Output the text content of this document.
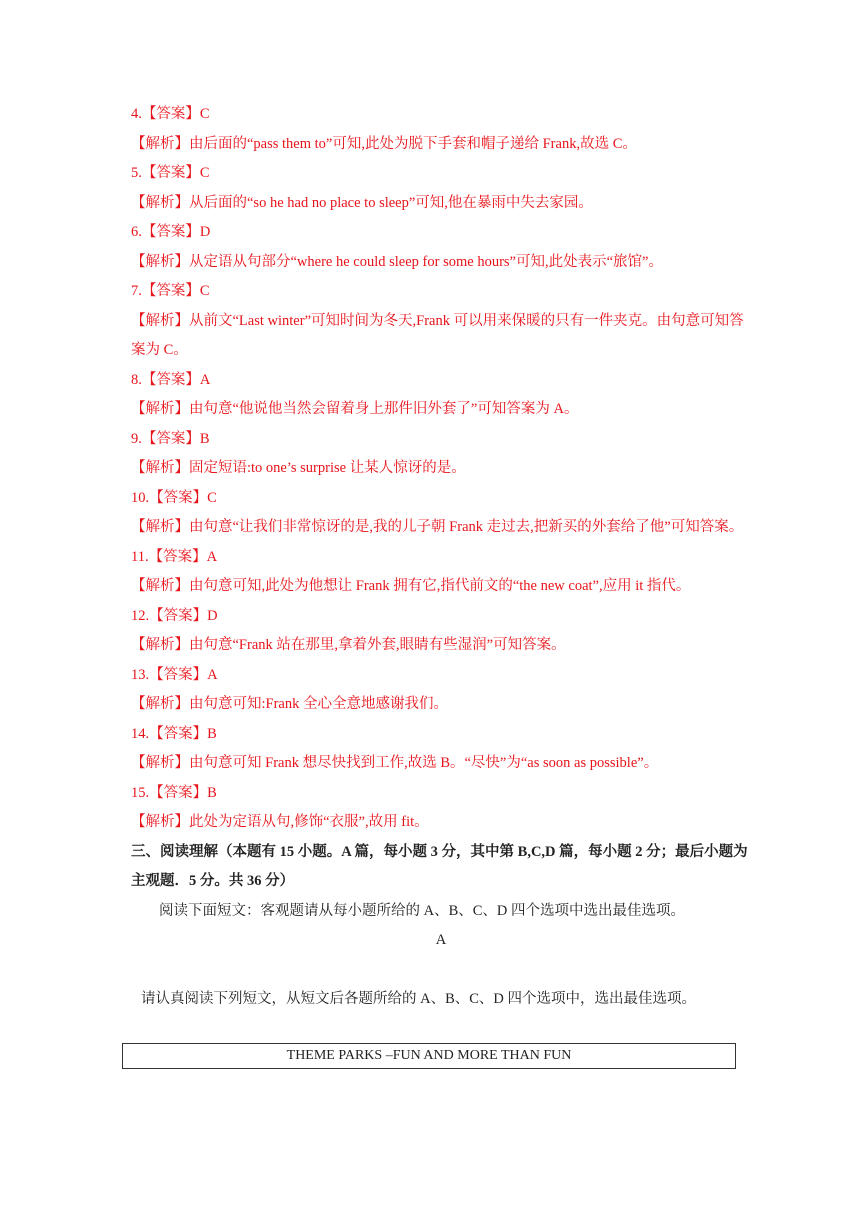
4.【答案】C
【解析】由后面的“pass them to”可知,此处为脱下手套和帽子递给 Frank,故选 C。
5.【答案】C
【解析】从后面的“so he had no place to sleep”可知,他在暴雨中失去家园。
6.【答案】D
【解析】从定语从句部分“where he could sleep for some hours”可知,此处表示“旅馆”。
7.【答案】C
【解析】从前文“Last winter”可知时间为冬天,Frank 可以用来保暖的只有一件夹克。由句意可知答案为 C。
8.【答案】A
【解析】由句意“他说他当然会留着身上那件旧外套了”可知答案为 A。
9.【答案】B
【解析】固定短语:to one’s surprise 让某人惊讶的是。
10.【答案】C
【解析】由句意“让我们非常惊讶的是,我的儿子朝 Frank 走过去,把新买的外套给了他”可知答案。
11.【答案】A
【解析】由句意可知,此处为他想让 Frank 拥有它,指代前文的“the new coat”,应用 it 指代。
12.【答案】D
【解析】由句意“Frank 站在那里,拿着外套,眼睛有些湿润”可知答案。
13.【答案】A
【解析】由句意可知:Frank 全心全意地感谢我们。
14.【答案】B
【解析】由句意可知 Frank 想尽快找到工作,故选 B。“尽快”为“as soon as possible”。
15.【答案】B
【解析】此处为定语从句,修饰“衣服”,故用 fit。
三、阅读理解（本题有 15 小题。A 篇，每小题 3 分，其中第 B,C,D 篇，每小题 2 分；最后小题为主观题．5 分。共 36 分）
阅读下面短文：客观题请从每小题所给的 A、B、C、D 四个选项中选出最佳选项。
A
请认真阅读下列短文，从短文后各题所给的 A、B、C、D 四个选项中，选出最佳选项。
THEME PARKS –FUN AND MORE THAN FUN
